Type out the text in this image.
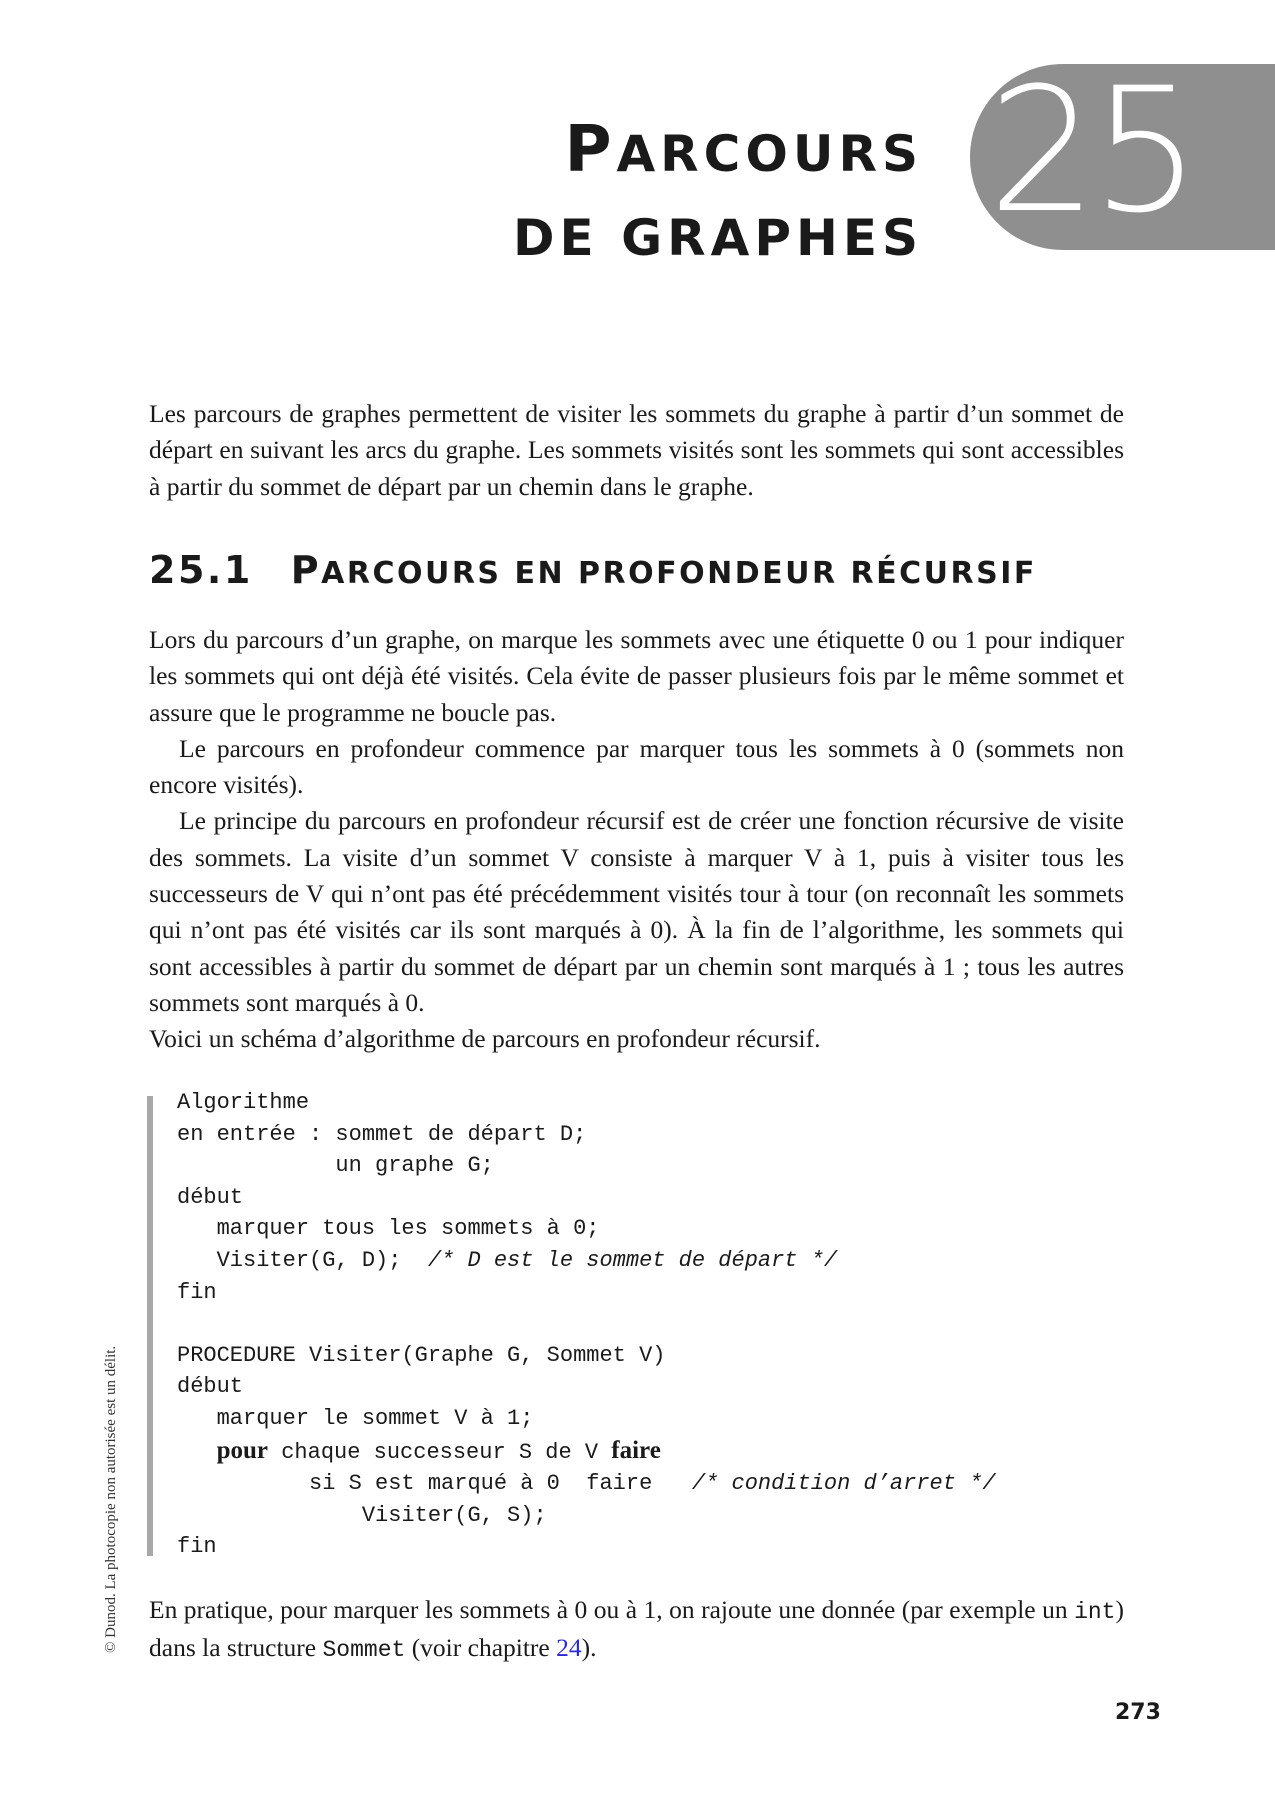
25
PARCOURS
DE GRAPHES

Les parcours de graphes permettent de visiter les sommets du graphe à partir d’un sommet de départ en suivant les arcs du graphe. Les sommets visités sont les sommets qui sont accessibles à partir du sommet de départ par un chemin dans le graphe.

25.1 PARCOURS EN PROFONDEUR RÉCURSIF

Lors du parcours d’un graphe, on marque les sommets avec une étiquette 0 ou 1 pour indiquer les sommets qui ont déjà été visités. Cela évite de passer plusieurs fois par le même sommet et assure que le programme ne boucle pas.

Le parcours en profondeur commence par marquer tous les sommets à 0 (sommets non encore visités).

Le principe du parcours en profondeur récursif est de créer une fonction récursive de visite des sommets. La visite d’un sommet V consiste à marquer V à 1, puis à visiter tous les successeurs de V qui n’ont pas été précédemment visités tour à tour (on reconnaît les sommets qui n’ont pas été visités car ils sont marqués à 0). À la fin de l’algorithme, les sommets qui sont accessibles à partir du sommet de départ par un chemin sont marqués à 1 ; tous les autres sommets sont marqués à 0.

Voici un schéma d’algorithme de parcours en profondeur récursif.

Algorithme
en entrée : sommet de départ D;
un graphe G;
début
marquer tous les sommets à 0;
Visiter(G, D);  /* D est le sommet de départ */
fin

PROCEDURE Visiter(Graphe G, Sommet V)
début
marquer le sommet V à 1;
pour chaque successeur S de V faire
si S est marqué à 0  faire   /* condition d’arret */
Visiter(G, S);
fin

En pratique, pour marquer les sommets à 0 ou à 1, on rajoute une donnée (par exemple un int) dans la structure Sommet (voir chapitre 24).

© Dunod. La photocopie non autorisée est un délit.
273
